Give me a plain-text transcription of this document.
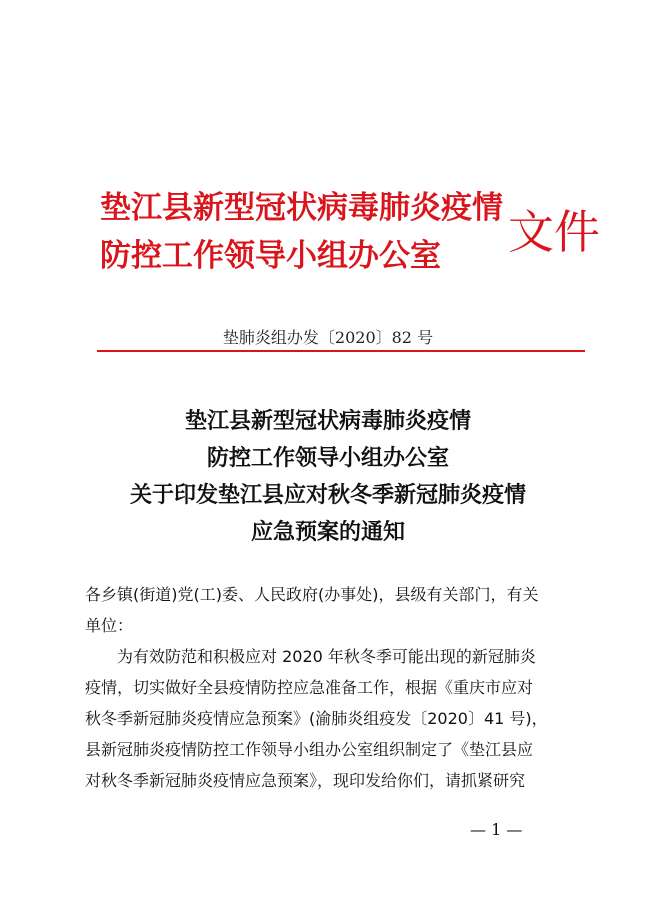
垫江县新型冠状病毒肺炎疫情
防控工作领导小组办公室 文件
垫肺炎组办发〔2020〕82 号
垫江县新型冠状病毒肺炎疫情
防控工作领导小组办公室
关于印发垫江县应对秋冬季新冠肺炎疫情
应急预案的通知

各乡镇(街道)党(工)委、人民政府(办事处)，县级有关部门，有关
单位：

为有效防范和积极应对 2020 年秋冬季可能出现的新冠肺炎
疫情，切实做好全县疫情防控应急准备工作，根据《重庆市应对
秋冬季新冠肺炎疫情应急预案》(渝肺炎组疫发〔2020〕41 号)，
县新冠肺炎疫情防控工作领导小组办公室组织制定了《垫江县应
对秋冬季新冠肺炎疫情应急预案》，现印发给你们，请抓紧研究

— 1 —
